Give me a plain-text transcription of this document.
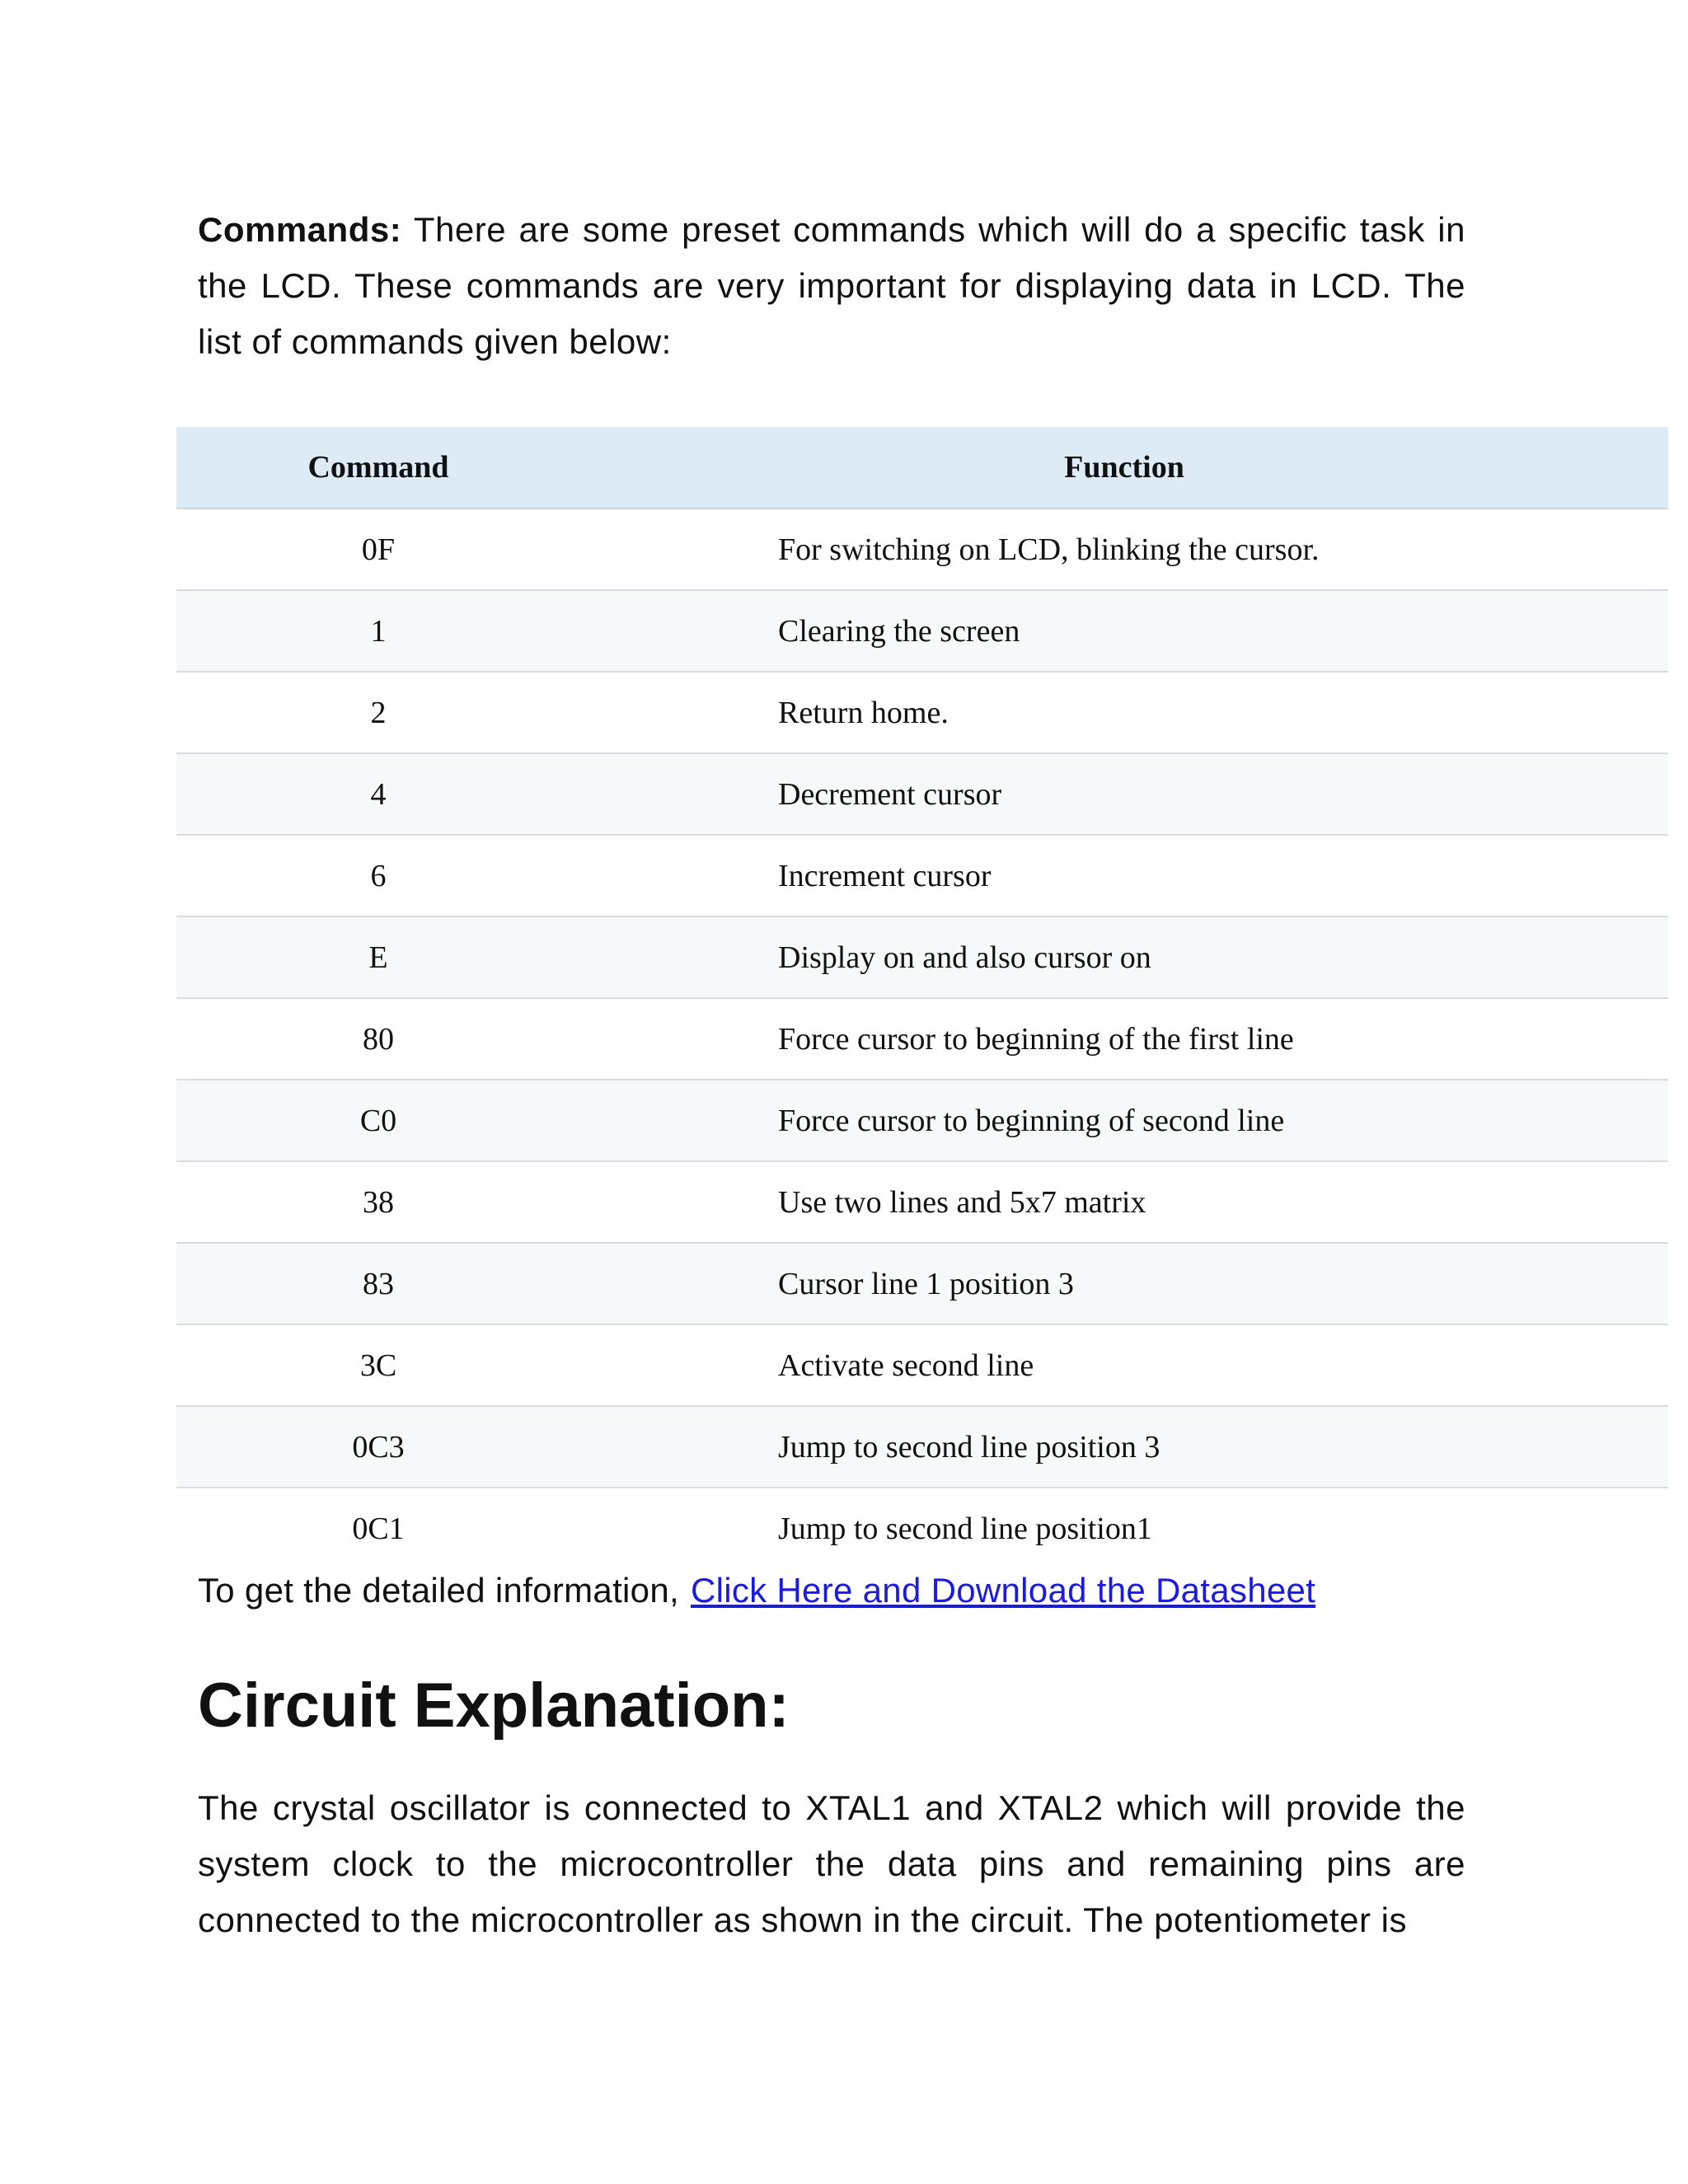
Commands: There are some preset commands which will do a specific task in the LCD. These commands are very important for displaying data in LCD. The list of commands given below:

Command	Function
0F	For switching on LCD, blinking the cursor.
1	Clearing the screen
2	Return home.
4	Decrement cursor
6	Increment cursor
E	Display on and also cursor on
80	Force cursor to beginning of the first line
C0	Force cursor to beginning of second line
38	Use two lines and 5x7 matrix
83	Cursor line 1 position 3
3C	Activate second line
0C3	Jump to second line position 3
0C1	Jump to second line position1
To get the detailed information, Click Here and Download the Datasheet
Circuit Explanation:

The crystal oscillator is connected to XTAL1 and XTAL2 which will provide the system clock to the microcontroller the data pins and remaining pins are connected to the microcontroller as shown in the circuit. The potentiometer is
